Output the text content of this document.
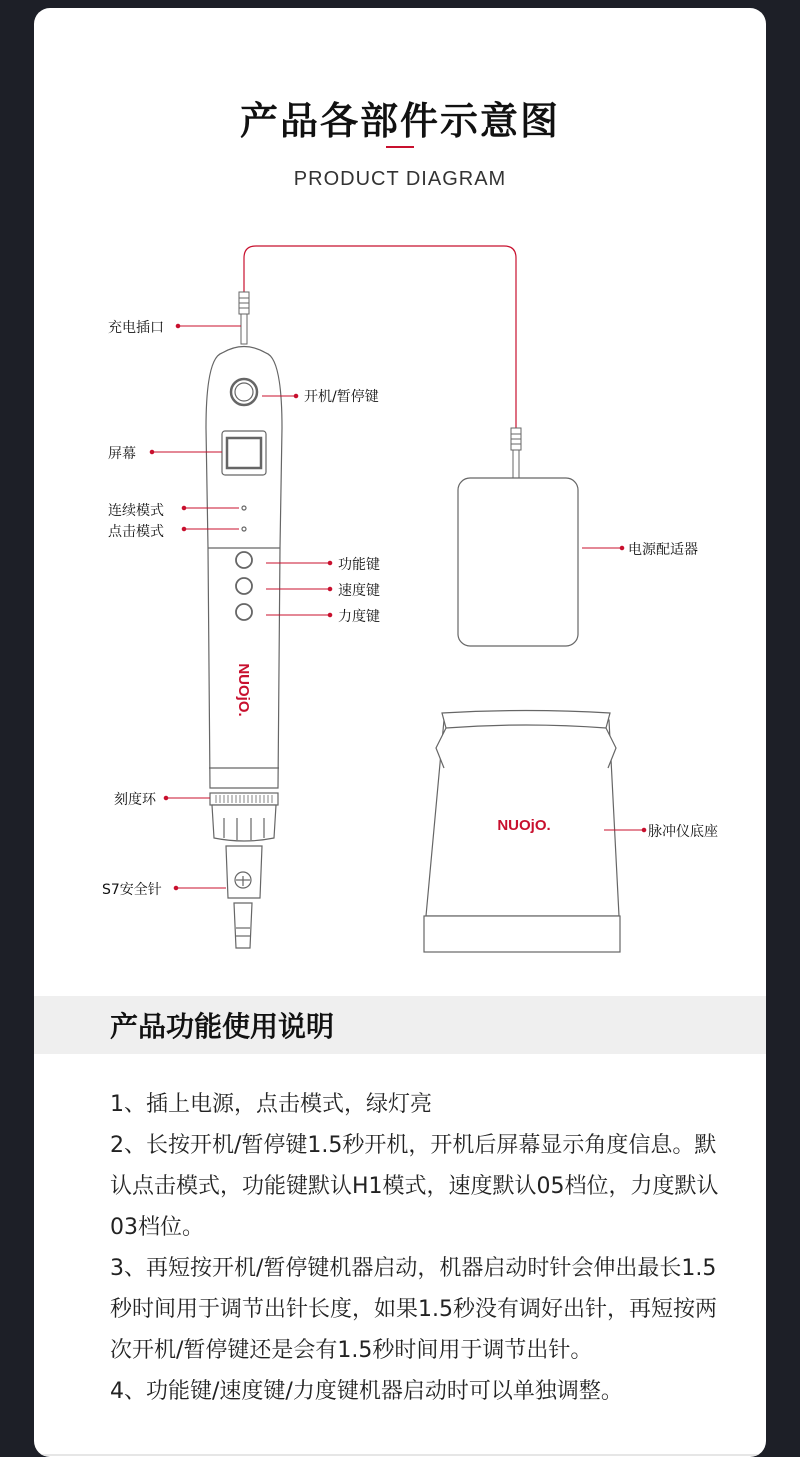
产品各部件示意图
PRODUCT DIAGRAM
NUOjO.
NUOjO.
充电插口
开机/暂停键
屏幕
连续模式
点击模式
功能键
速度键
力度键
电源配适器
刻度环
S7安全针
脉冲仪底座
产品功能使用说明
1、插上电源，点击模式，绿灯亮
2、长按开机/暂停键1.5秒开机，开机后屏幕显示角度信息。默认点击模式，功能键默认H1模式，速度默认05档位，力度默认03档位。
3、再短按开机/暂停键机器启动，机器启动时针会伸出最长1.5秒时间用于调节出针长度，如果1.5秒没有调好出针，再短按两次开机/暂停键还是会有1.5秒时间用于调节出针。
4、功能键/速度键/力度键机器启动时可以单独调整。
